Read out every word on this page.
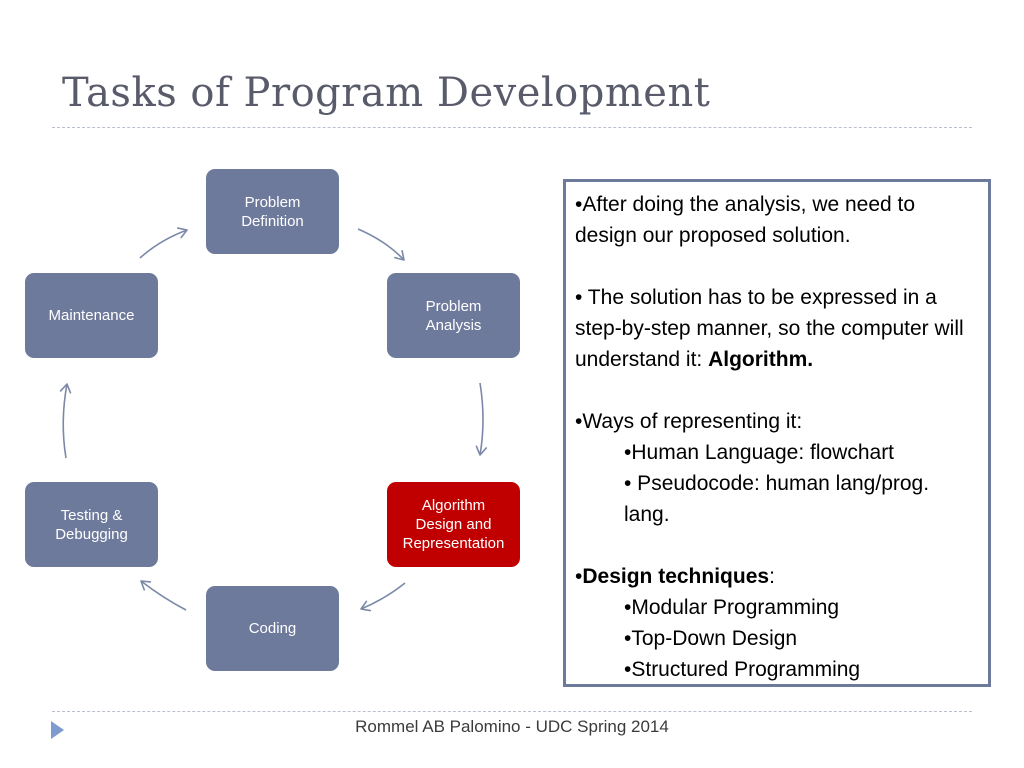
Tasks of Program Development
Problem
Definition
Problem
Analysis
Algorithm
Design and
Representation
Coding
Testing &
Debugging
Maintenance

•After doing the analysis, we need to design our proposed solution.

• The solution has to be expressed in a step-by-step manner, so the computer will understand it: Algorithm.

•Ways of representing it:

•Human Language: flowchart

• Pseudocode: human lang/prog. lang.

•Design techniques:

•Modular Programming

•Top-Down Design

•Structured Programming

Rommel AB Palomino - UDC Spring 2014
